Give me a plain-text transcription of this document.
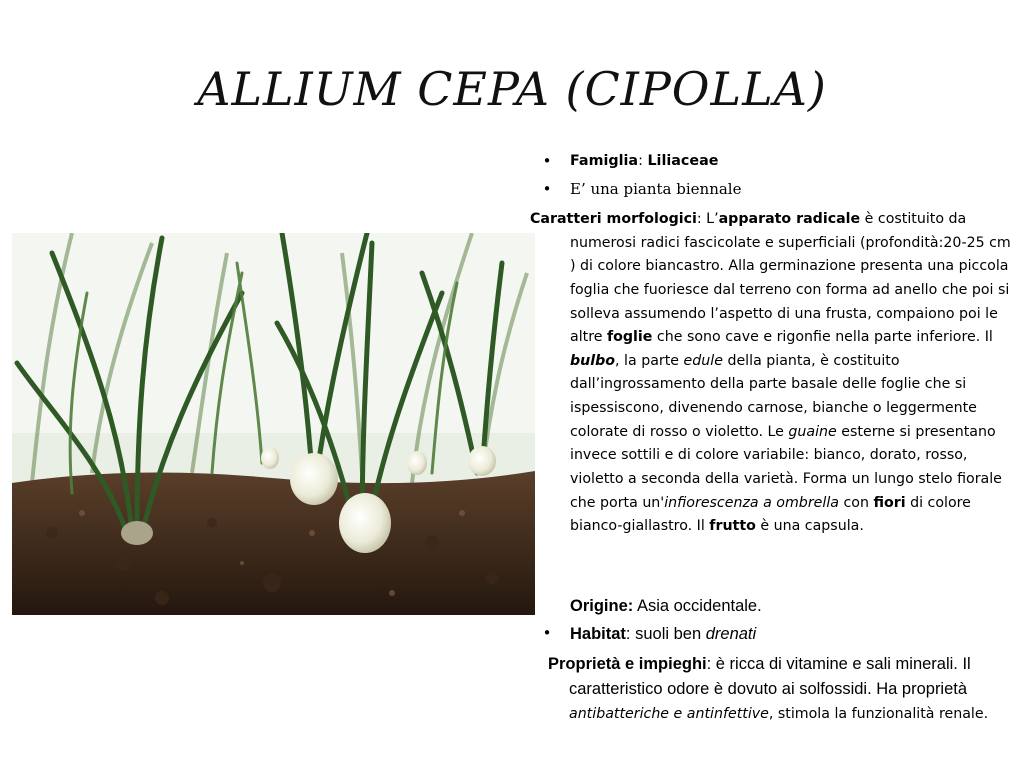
ALLIUM CEPA (CIPOLLA)
• Famiglia: Liliaceae
• E’ una pianta biennale
Caratteri morfologici: L’apparato radicale è costituito da numerosi radici fascicolate e superficiali (profondità:20-25 cm ) di colore biancastro. Alla germinazione presenta una piccola foglia che fuoriesce dal terreno con forma ad anello che poi si solleva assumendo l’aspetto di una frusta, compaiono poi le altre foglie che sono cave e rigonfie nella parte inferiore. Il bulbo, la parte edule della pianta, è costituito dall’ingrossamento della parte basale delle foglie che si ispessiscono, divenendo carnose, bianche o leggermente colorate di rosso o violetto. Le guaine esterne si presentano invece sottili e di colore variabile: bianco, dorato, rosso, violetto a seconda della varietà. Forma un lungo stelo fiorale che porta un'infiorescenza a ombrella con fiori di colore bianco-giallastro. Il frutto è una capsula.
Origine: Asia occidentale.
• Habitat: suoli ben drenati
Proprietà e impieghi: è ricca di vitamine e sali minerali. Il caratteristico odore è dovuto ai solfossidi. Ha proprietà antibatteriche e antinfettive, stimola la funzionalità renale.
